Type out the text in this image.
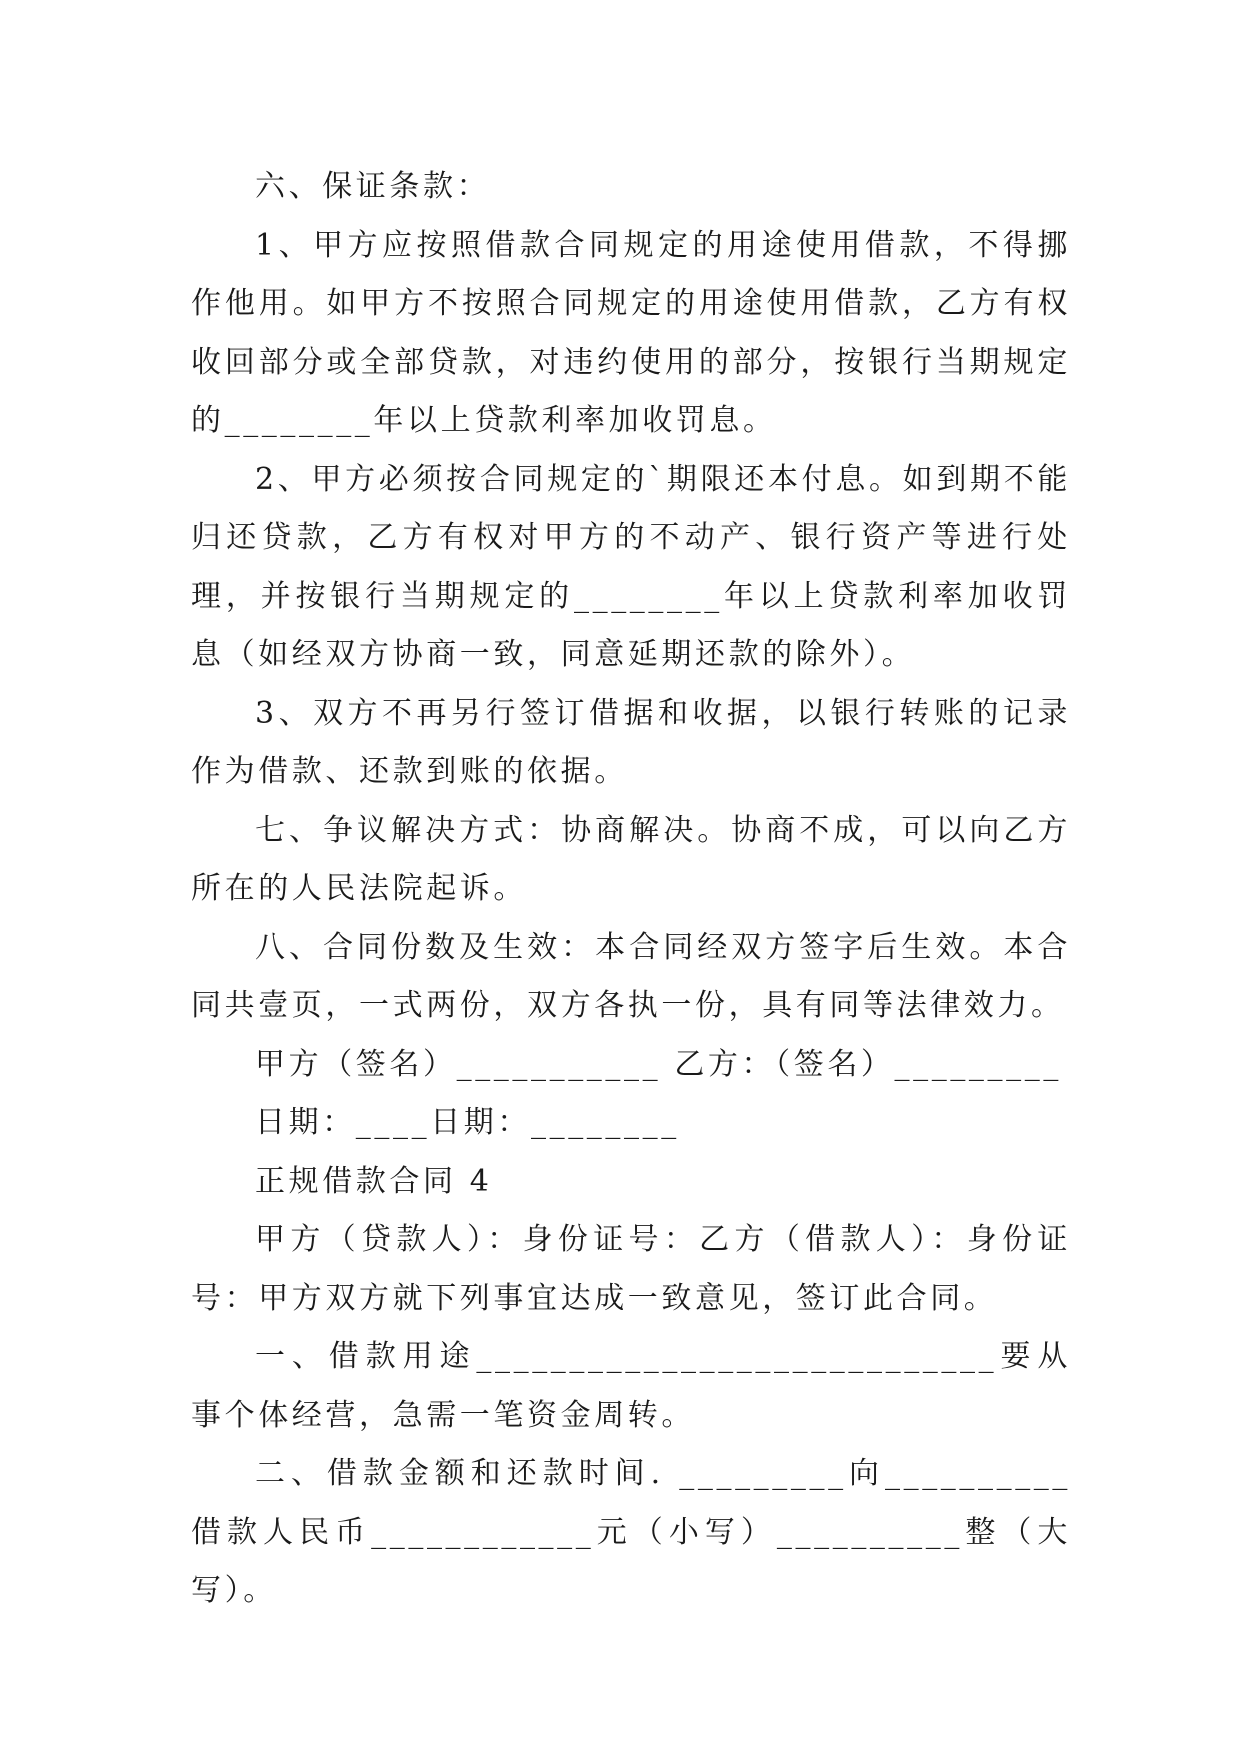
六、保证条款：

1、甲方应按照借款合同规定的用途使用借款，不得挪作他用。如甲方不按照合同规定的用途使用借款，乙方有权收回部分或全部贷款，对违约使用的部分，按银行当期规定的________年以上贷款利率加收罚息。

2、甲方必须按合同规定的`期限还本付息。如到期不能归还贷款，乙方有权对甲方的不动产、银行资产等进行处理，并按银行当期规定的________年以上贷款利率加收罚息（如经双方协商一致，同意延期还款的除外）。

3、双方不再另行签订借据和收据，以银行转账的记录作为借款、还款到账的依据。

七、争议解决方式：协商解决。协商不成，可以向乙方所在的人民法院起诉。

八、合同份数及生效：本合同经双方签字后生效。本合同共壹页，一式两份，双方各执一份，具有同等法律效力。

甲方（签名）___________ 乙方：（签名）_________

日期：____日期：________

正规借款合同 4

甲方（贷款人）：身份证号：乙方（借款人）：身份证号：甲方双方就下列事宜达成一致意见，签订此合同。

一、借款用途____________________________要从事个体经营，急需一笔资金周转。

二、借款金额和还款时间. _________向__________借款人民币____________元（小写）__________整（大写）。
